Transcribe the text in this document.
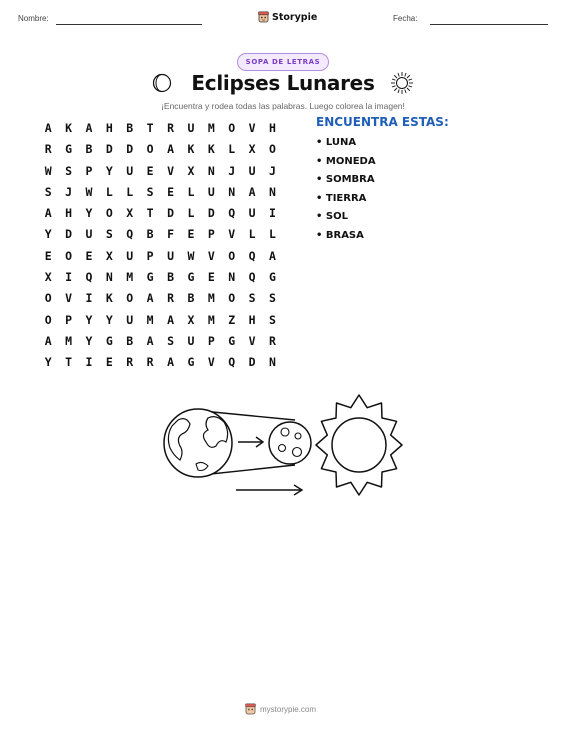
Nombre:	Storypie	Fecha:
SOPA DE LETRAS
Eclipses Lunares
¡Encuentra y rodea todas las palabras. Luego colorea la imagen!
A	K	A	H	B	T	R	U	M	O	V	H
R	G	B	D	D	O	A	K	K	L	X	O
W	S	P	Y	U	E	V	X	N	J	U	J
S	J	W	L	L	S	E	L	U	N	A	N
A	H	Y	O	X	T	D	L	D	Q	U	I
Y	D	U	S	Q	B	F	E	P	V	L	L
E	O	E	X	U	P	U	W	V	O	Q	A
X	I	Q	N	M	G	B	G	E	N	Q	G
O	V	I	K	O	A	R	B	M	O	S	S
O	P	Y	Y	U	M	A	X	M	Z	H	S
A	M	Y	G	B	A	S	U	P	G	V	R
Y	T	I	E	R	R	A	G	V	Q	D	N
ENCUENTRA ESTAS:
• LUNA
• MONEDA
• SOMBRA
• TIERRA
• SOL
• BRASA
mystorypie.com
